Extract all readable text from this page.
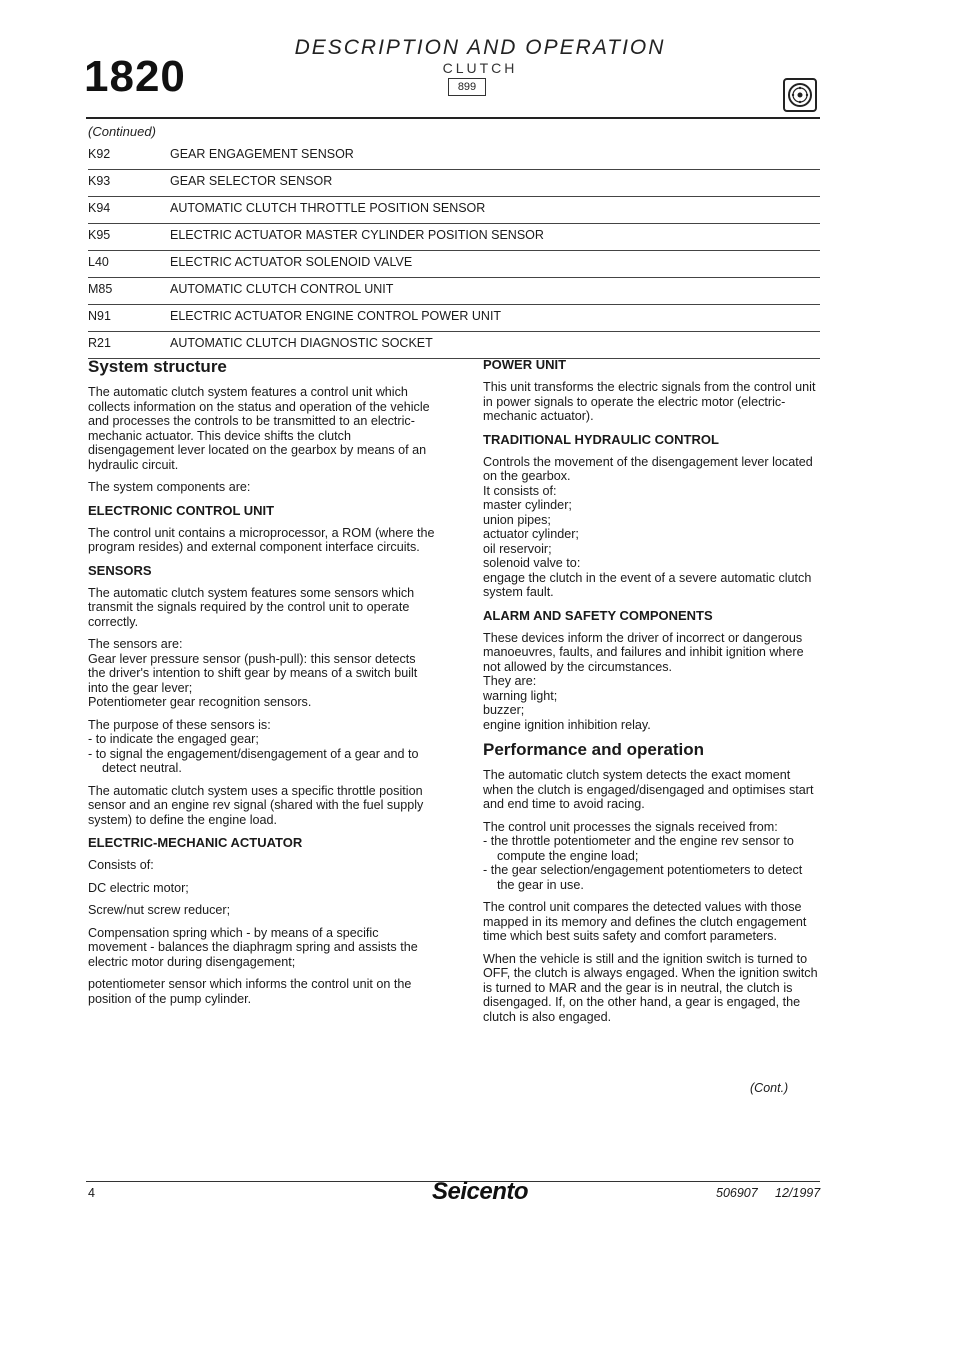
1820
DESCRIPTION AND OPERATION
CLUTCH
899
(Continued)
K92	GEAR ENGAGEMENT SENSOR
K93	GEAR SELECTOR SENSOR
K94	AUTOMATIC CLUTCH THROTTLE POSITION SENSOR
K95	ELECTRIC ACTUATOR MASTER CYLINDER POSITION SENSOR
L40	ELECTRIC ACTUATOR SOLENOID VALVE
M85	AUTOMATIC CLUTCH CONTROL UNIT
N91	ELECTRIC ACTUATOR ENGINE CONTROL POWER UNIT
R21	AUTOMATIC CLUTCH DIAGNOSTIC SOCKET
System structure
The automatic clutch system features a control unit which collects information on the status and operation of the vehicle and processes the controls to be transmitted to an electric-mechanic actuator. This device shifts the clutch disengagement lever located on the gearbox by means of an hydraulic circuit.
The system components are:
ELECTRONIC CONTROL UNIT
The control unit contains a microprocessor, a ROM (where the program resides) and external component interface circuits.
SENSORS
The automatic clutch system features some sensors which transmit the signals required by the control unit to operate correctly.
The sensors are:
Gear lever pressure sensor (push-pull): this sensor detects the driver's intention to shift gear by means of a switch built into the gear lever;
Potentiometer gear recognition sensors.
The purpose of these sensors is:
- to indicate the engaged gear;
- to signal the engagement/disengagement of a gear and to detect neutral.
The automatic clutch system uses a specific throttle position sensor and an engine rev signal (shared with the fuel supply system) to define the engine load.
ELECTRIC-MECHANIC ACTUATOR
Consists of:
DC electric motor;
Screw/nut screw reducer;
Compensation spring which - by means of a specific movement - balances the diaphragm spring and assists the electric motor during disengagement;
potentiometer sensor which informs the control unit on the position of the pump cylinder.
POWER UNIT
This unit transforms the electric signals from the control unit in power signals to operate the electric motor (electric-mechanic actuator).
TRADITIONAL HYDRAULIC CONTROL
Controls the movement of the disengagement lever located on the gearbox.
It consists of:
master cylinder;
union pipes;
actuator cylinder;
oil reservoir;
solenoid valve to:
engage the clutch in the event of a severe automatic clutch system fault.
ALARM AND SAFETY COMPONENTS
These devices inform the driver of incorrect or dangerous manoeuvres, faults, and failures and inhibit ignition where not allowed by the circumstances.
They are:
warning light;
buzzer;
engine ignition inhibition relay.
Performance and operation
The automatic clutch system detects the exact moment when the clutch is engaged/disengaged and optimises start and end time to avoid racing.
The control unit processes the signals received from:
- the throttle potentiometer and the engine rev sensor to compute the engine load;
- the gear selection/engagement potentiometers to detect the gear in use.
The control unit compares the detected values with those mapped in its memory and defines the clutch engagement time which best suits safety and comfort parameters.
When the vehicle is still and the ignition switch is turned to OFF, the clutch is always engaged. When the ignition switch is turned to MAR and the gear is in neutral, the clutch is disengaged. If, on the other hand, a gear is engaged, the clutch is also engaged.
(Cont.)
4	Seicento	506907 12/1997
